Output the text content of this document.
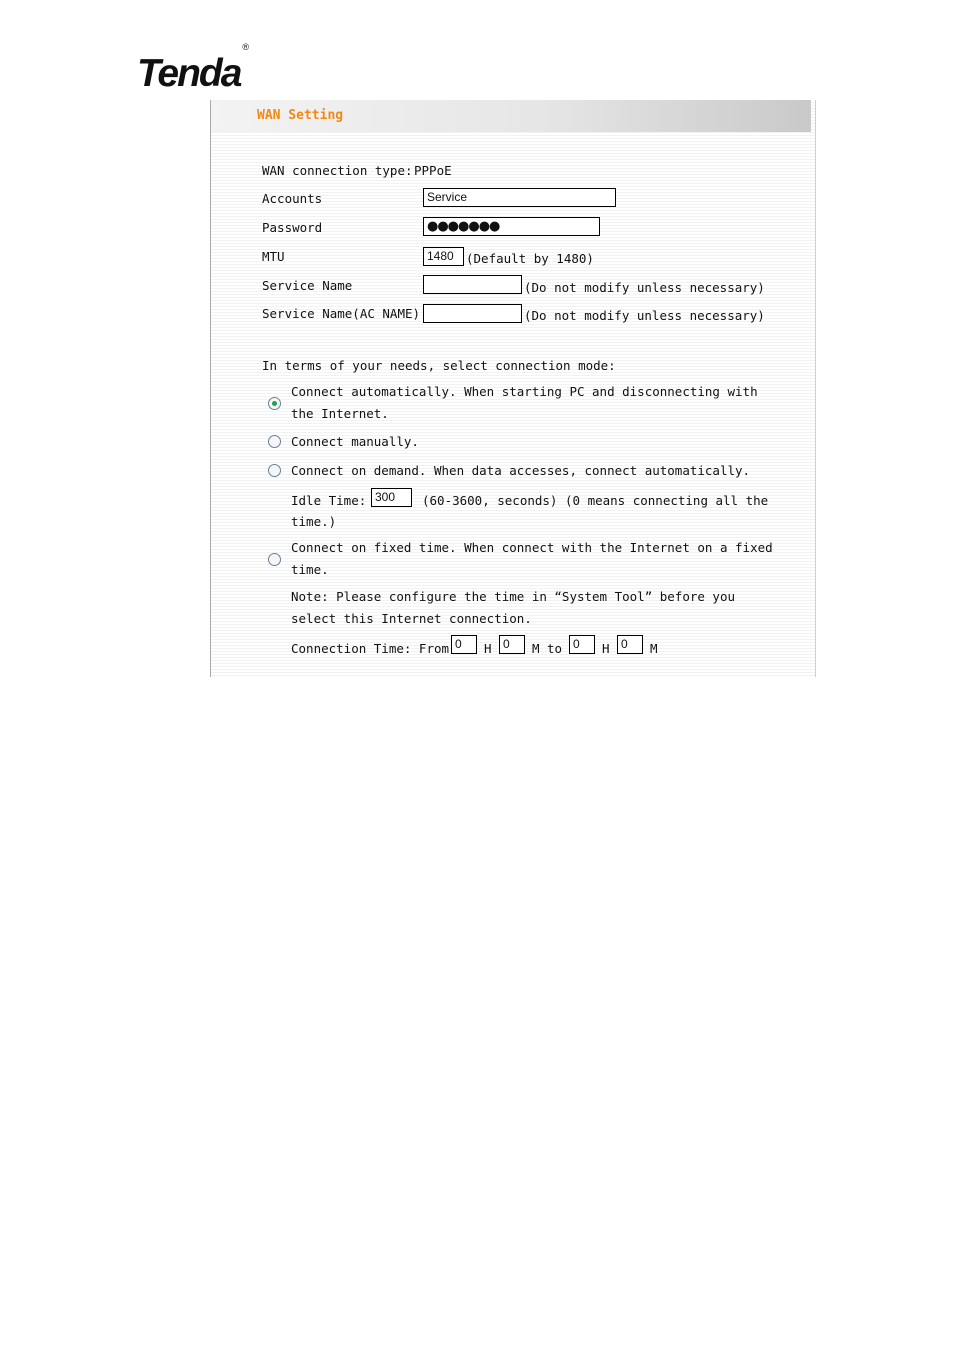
Tenda®
WAN Setting
WAN connection type: PPPoE
Accounts	Service
Password	●●●●●●●
MTU	1480 (Default by 1480)
Service Name	(Do not modify unless necessary)
Service Name(AC NAME)	(Do not modify unless necessary)
In terms of your needs, select connection mode:
Connect automatically. When starting PC and disconnecting with
the Internet.
Connect manually.
Connect on demand. When data accesses, connect automatically.
Idle Time: 300	(60-3600, seconds) (0 means connecting all the
time.)
Connect on fixed time. When connect with the Internet on a fixed
time.
Note: Please configure the time in “System Tool” before you
select this Internet connection.
Connection Time: From 0	H 0	M to 0	H 0	M
